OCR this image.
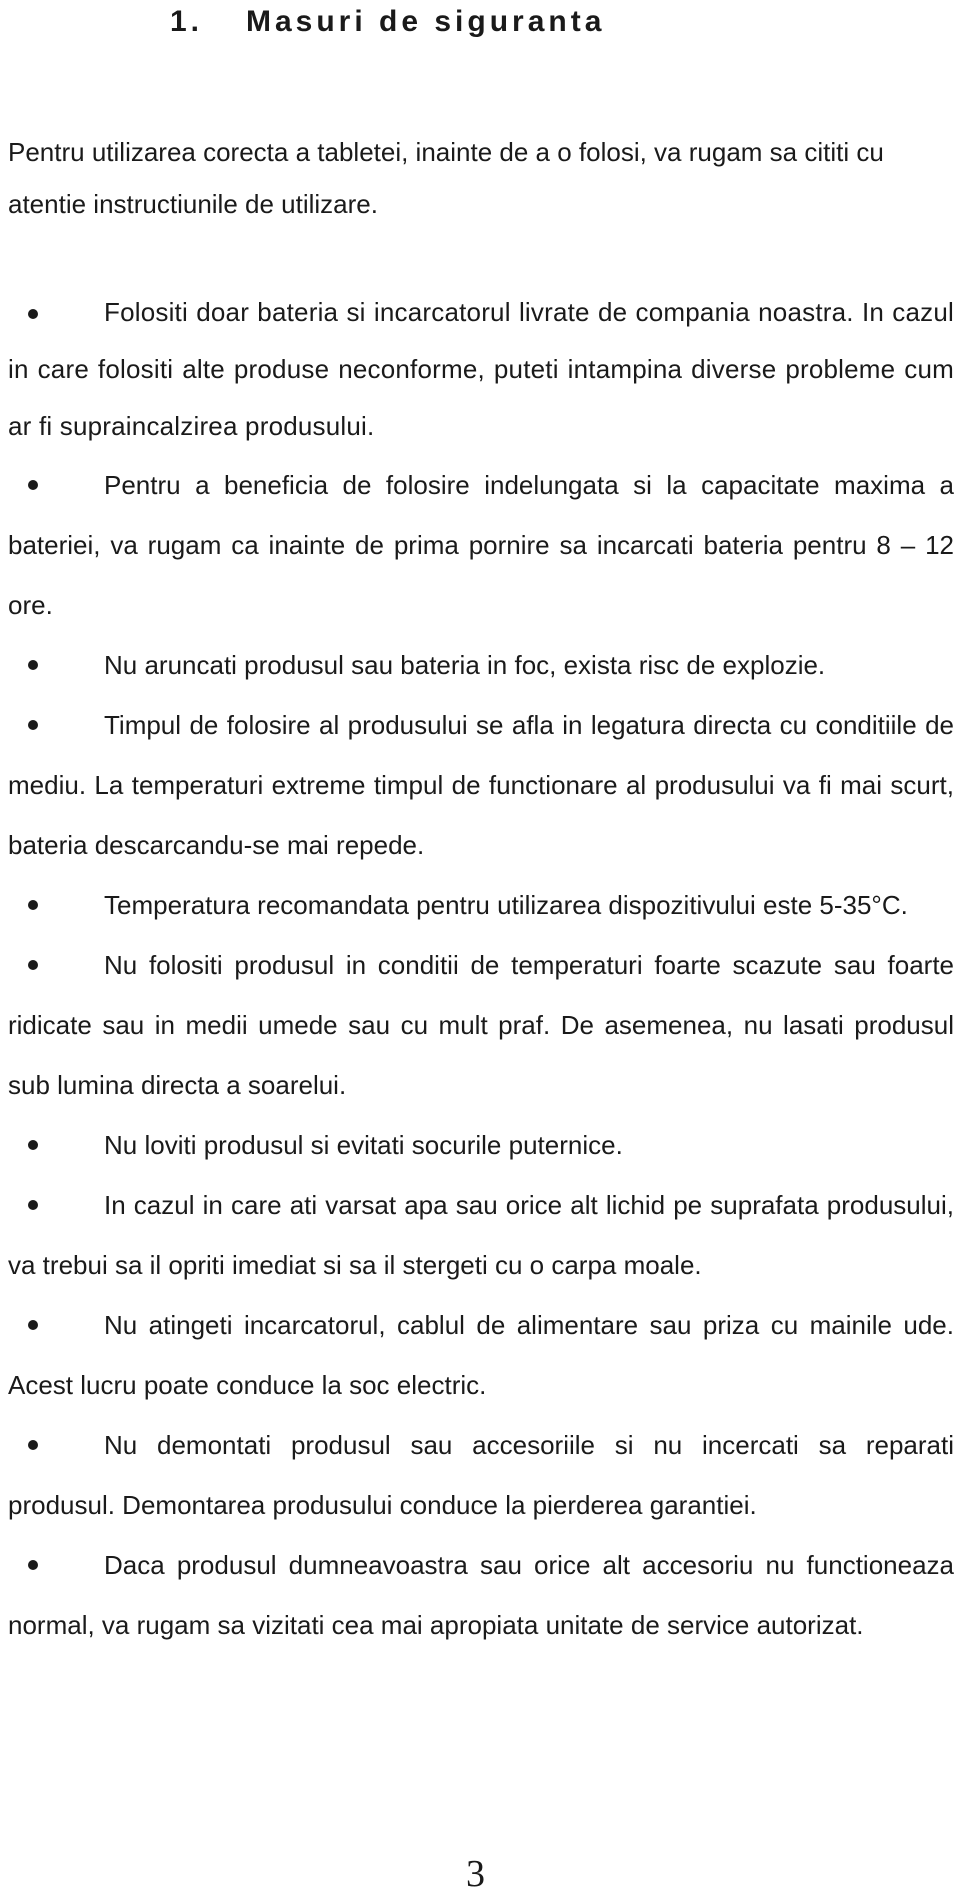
1. Masuri de siguranta

Pentru utilizarea corecta a tabletei, inainte de a o folosi, va rugam sa cititi cu atentie instructiunile de utilizare.

Folositi doar bateria si incarcatorul livrate de compania noastra. In cazul in care folositi alte produse neconforme, puteti intampina diverse probleme cum ar fi supraincalzirea produsului.
Pentru a beneficia de folosire indelungata si la capacitate maxima a bateriei, va rugam ca inainte de prima pornire sa incarcati bateria pentru 8 – 12 ore.
Nu aruncati produsul sau bateria in foc, exista risc de explozie.
Timpul de folosire al produsului se afla in legatura directa cu conditiile de mediu. La temperaturi extreme timpul de functionare al produsului va fi mai scurt, bateria descarcandu-se mai repede.
Temperatura recomandata pentru utilizarea dispozitivului este 5-35°C.
Nu folositi produsul in conditii de temperaturi foarte scazute sau foarte ridicate sau in medii umede sau cu mult praf. De asemenea, nu lasati produsul sub lumina directa a soarelui.
Nu loviti produsul si evitati socurile puternice.
In cazul in care ati varsat apa sau orice alt lichid pe suprafata produsului, va trebui sa il opriti imediat si sa il stergeti cu o carpa moale.
Nu atingeti incarcatorul, cablul de alimentare sau priza cu mainile ude. Acest lucru poate conduce la soc electric.
Nu demontati produsul sau accesoriile si nu incercati sa reparati produsul. Demontarea produsului conduce la pierderea garantiei.
Daca produsul dumneavoastra sau orice alt accesoriu nu functioneaza normal, va rugam sa vizitati cea mai apropiata unitate de service autorizat.
3
